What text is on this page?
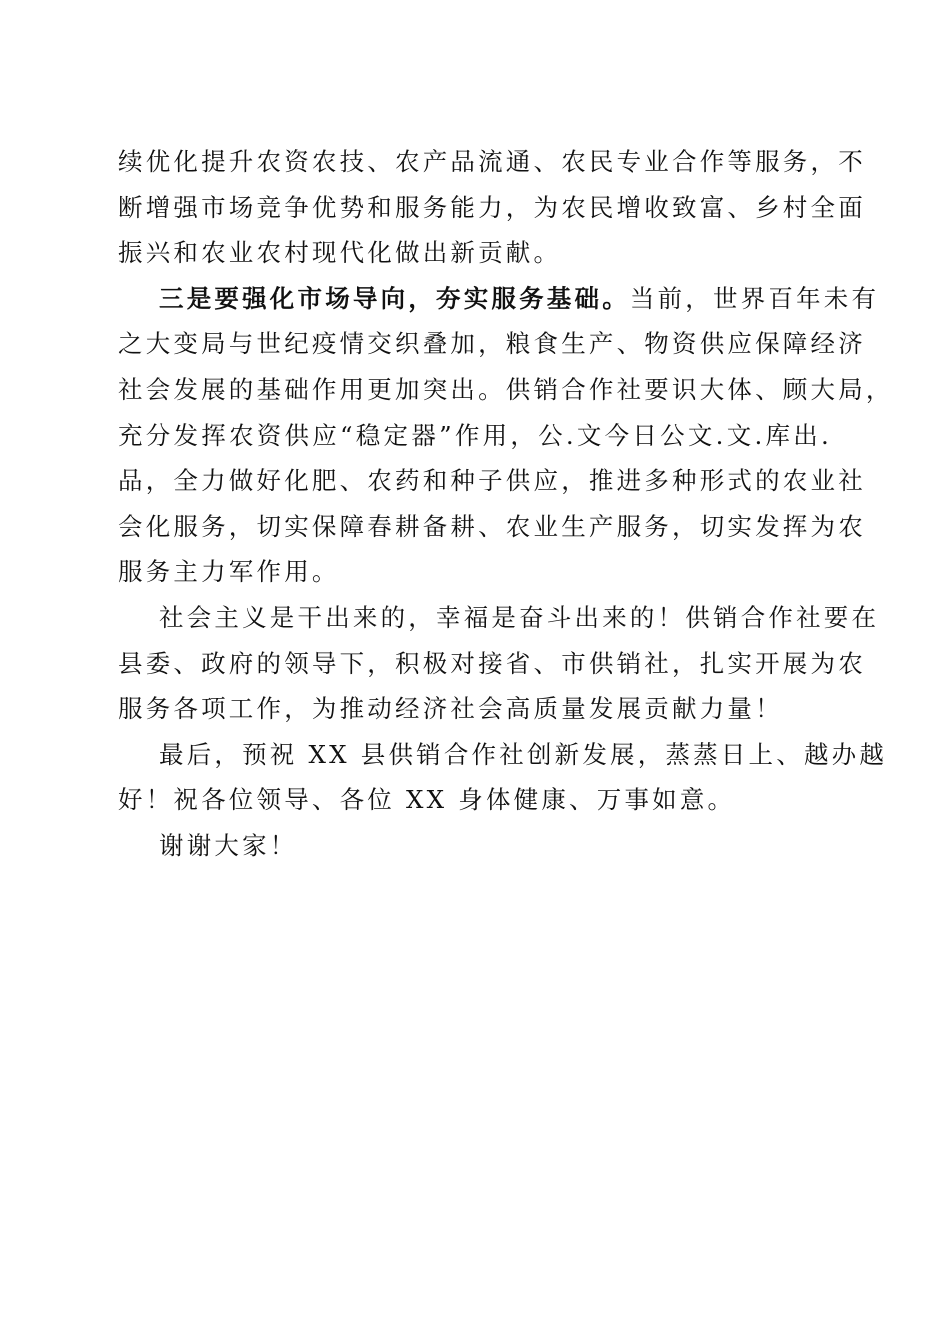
续优化提升农资农技、农产品流通、农民专业合作等服务，不
断增强市场竞争优势和服务能力，为农民增收致富、乡村全面
振兴和农业农村现代化做出新贡献。
三是要强化市场导向，夯实服务基础。当前，世界百年未有
之大变局与世纪疫情交织叠加，粮食生产、物资供应保障经济
社会发展的基础作用更加突出。供销合作社要识大体、顾大局，
充分发挥农资供应“稳定器”作用，公.文今日公文.文.库出.
品，全力做好化肥、农药和种子供应，推进多种形式的农业社
会化服务，切实保障春耕备耕、农业生产服务，切实发挥为农
服务主力军作用。
社会主义是干出来的，幸福是奋斗出来的！供销合作社要在
县委、政府的领导下，积极对接省、市供销社，扎实开展为农
服务各项工作，为推动经济社会高质量发展贡献力量！
最后，预祝 XX 县供销合作社创新发展，蒸蒸日上、越办越
好！祝各位领导、各位 XX 身体健康、万事如意。
谢谢大家！
